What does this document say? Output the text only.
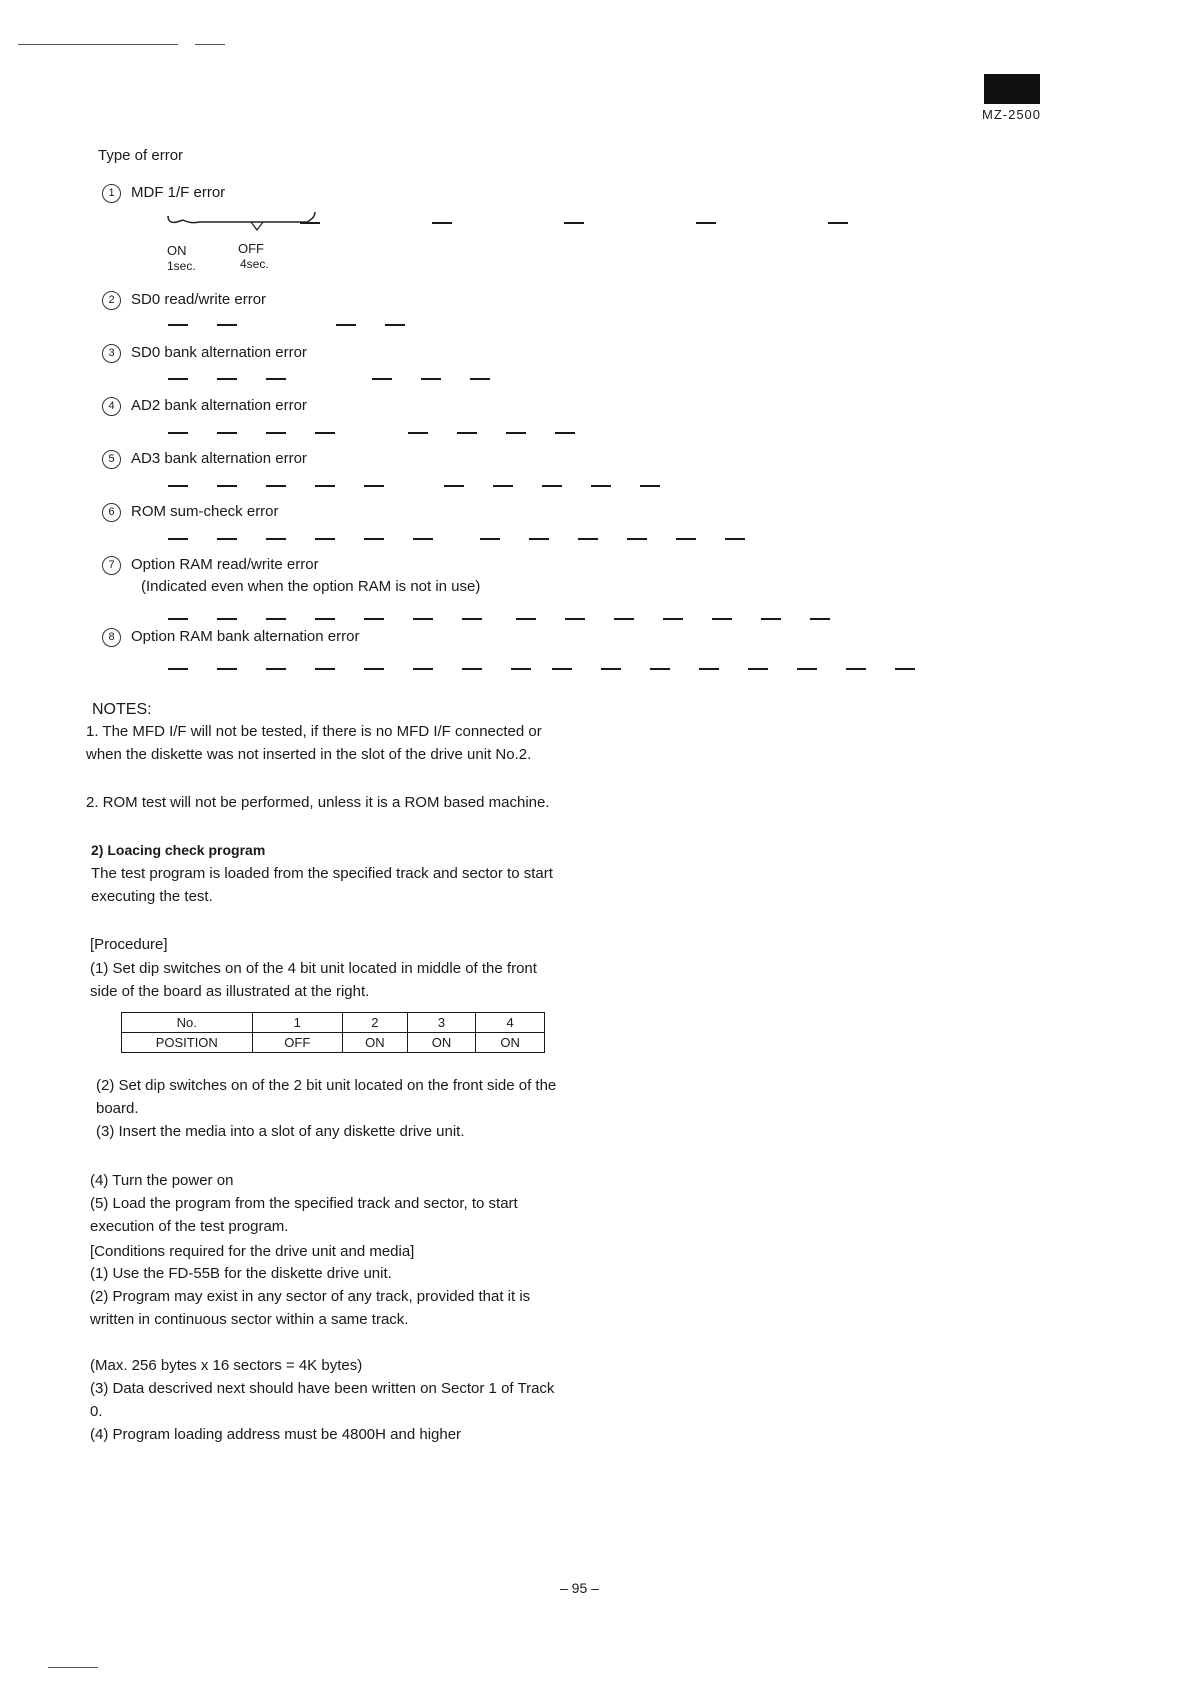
MZ-2500
Type of error
1 MDF 1/F error
2 SD0 read/write error
3 SD0 bank alternation error
4 AD2 bank alternation error
5 AD3 bank alternation error
6 ROM sum-check error
7 Option RAM read/write error
(Indicated even when the option RAM is not in use)
8 Option RAM bank alternation error
ON	OFF
1sec.	4sec.
NOTES:
1. The MFD I/F will not be tested, if there is no MFD I/F connected or when the diskette was not inserted in the slot of the drive unit No.2.
2. ROM test will not be performed, unless it is a ROM based machine.
2) Loacing check program
The test program is loaded from the specified track and sector to start executing the test.
[Procedure]
(1) Set dip switches on of the 4 bit unit located in middle of the front side of the board as illustrated at the right.
No.	1	2	3	4
POSITION	OFF	ON	ON	ON
(2) Set dip switches on of the 2 bit unit located on the front side of the board.
(3) Insert the media into a slot of any diskette drive unit.
(4) Turn the power on
(5) Load the program from the specified track and sector, to start execution of the test program.
[Conditions required for the drive unit and media]
(1) Use the FD-55B for the diskette drive unit.
(2) Program may exist in any sector of any track, provided that it is written in continuous sector within a same track.
(Max. 256 bytes x 16 sectors = 4K bytes)
(3) Data descrived next should have been written on Sector 1 of Track 0.
(4) Program loading address must be 4800H and higher
– 95 –
